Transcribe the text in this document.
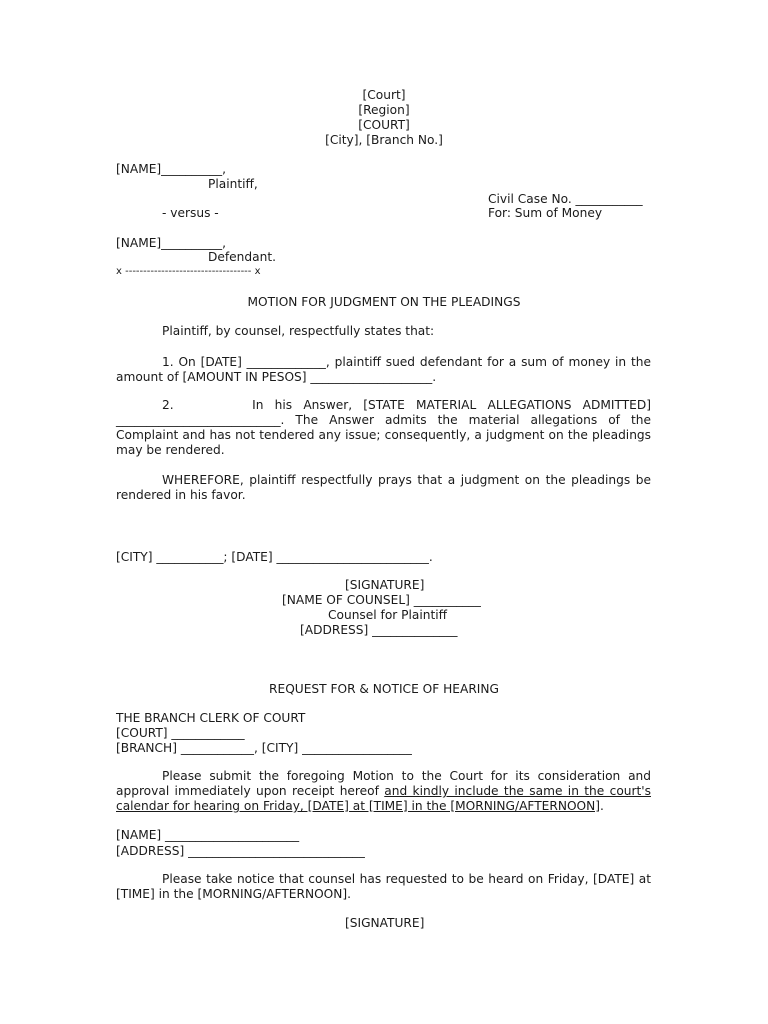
[Court]
[Region]
[COURT]
[City], [Branch No.]
[NAME]__________,
Plaintiff,
Civil Case No. ___________
- versus -	For: Sum of Money
[NAME]__________,
Defendant.
x ----------------------------------- x
MOTION FOR JUDGMENT ON THE PLEADINGS
Plaintiff, by counsel, respectfully states that:
1. On [DATE] _____________, plaintiff sued defendant for a sum of money in the amount of [AMOUNT IN PESOS] ____________________.
2.	In his Answer, [STATE MATERIAL ALLEGATIONS ADMITTED] ___________________________. The Answer admits the material allegations of the Complaint and has not tendered any issue; consequently, a judgment on the pleadings may be rendered.
WHEREFORE, plaintiff respectfully prays that a judgment on the pleadings be rendered in his favor.
[CITY] ___________; [DATE] _________________________.
[SIGNATURE]
[NAME OF COUNSEL] ___________
Counsel for Plaintiff
[ADDRESS] ______________
REQUEST FOR & NOTICE OF HEARING
THE BRANCH CLERK OF COURT
[COURT] ____________
[BRANCH] ____________, [CITY] __________________
Please submit the foregoing Motion to the Court for its consideration and approval immediately upon receipt hereof and kindly include the same in the court's calendar for hearing on Friday, [DATE] at [TIME] in the [MORNING/AFTERNOON].
[NAME] ______________________
[ADDRESS] _____________________________
Please take notice that counsel has requested to be heard on Friday, [DATE] at [TIME] in the [MORNING/AFTERNOON].
[SIGNATURE]
